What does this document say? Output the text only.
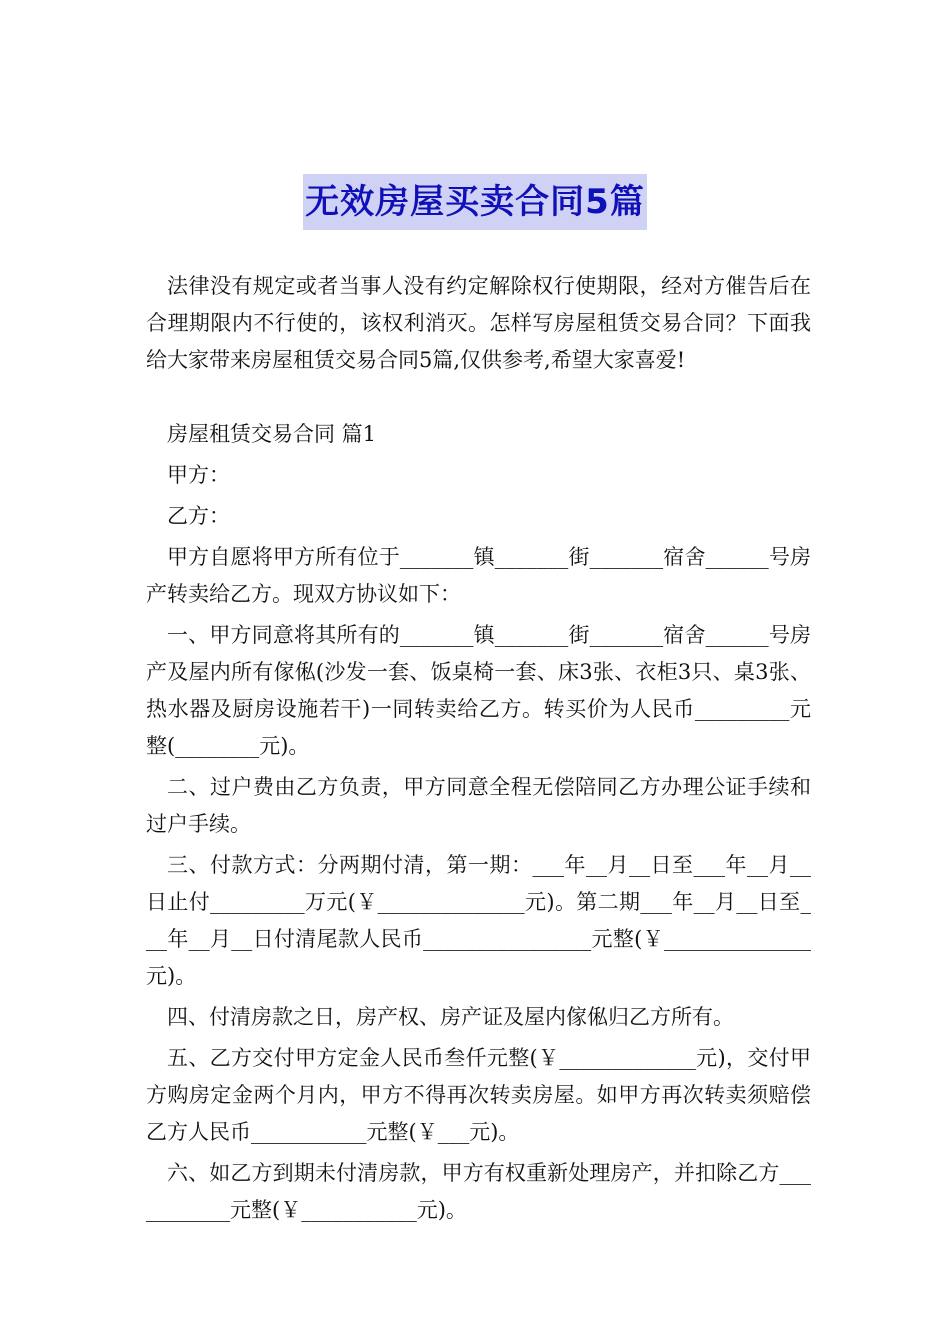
无效房屋买卖合同5篇

法律没有规定或者当事人没有约定解除权行使期限，经对方催告后在合理期限内不行使的，该权利消灭。怎样写房屋租赁交易合同？下面我给大家带来房屋租赁交易合同5篇,仅供参考,希望大家喜爱!

房屋租赁交易合同 篇1

甲方：

乙方：

甲方自愿将甲方所有位于_______镇_______街_______宿舍______号房产转卖给乙方。现双方协议如下：

一、甲方同意将其所有的_______镇_______街_______宿舍______号房产及屋内所有傢俬(沙发一套、饭桌椅一套、床3张、衣柜3只、桌3张、热水器及厨房设施若干)一同转卖给乙方。转买价为人民币_________元整(________元)。

二、过户费由乙方负责，甲方同意全程无偿陪同乙方办理公证手续和过户手续。

三、付款方式：分两期付清，第一期：___年__月__日至___年__月__日止付_________万元(￥______________元)。第二期___年__月__日至___年__月__日付清尾款人民币________________元整(￥______________元)。

四、付清房款之日，房产权、房产证及屋内傢俬归乙方所有。

五、乙方交付甲方定金人民币叁仟元整(￥_____________元)，交付甲方购房定金两个月内，甲方不得再次转卖房屋。如甲方再次转卖须赔偿乙方人民币___________元整(￥___元)。

六、如乙方到期未付清房款，甲方有权重新处理房产，并扣除乙方___________元整(￥___________元)。
